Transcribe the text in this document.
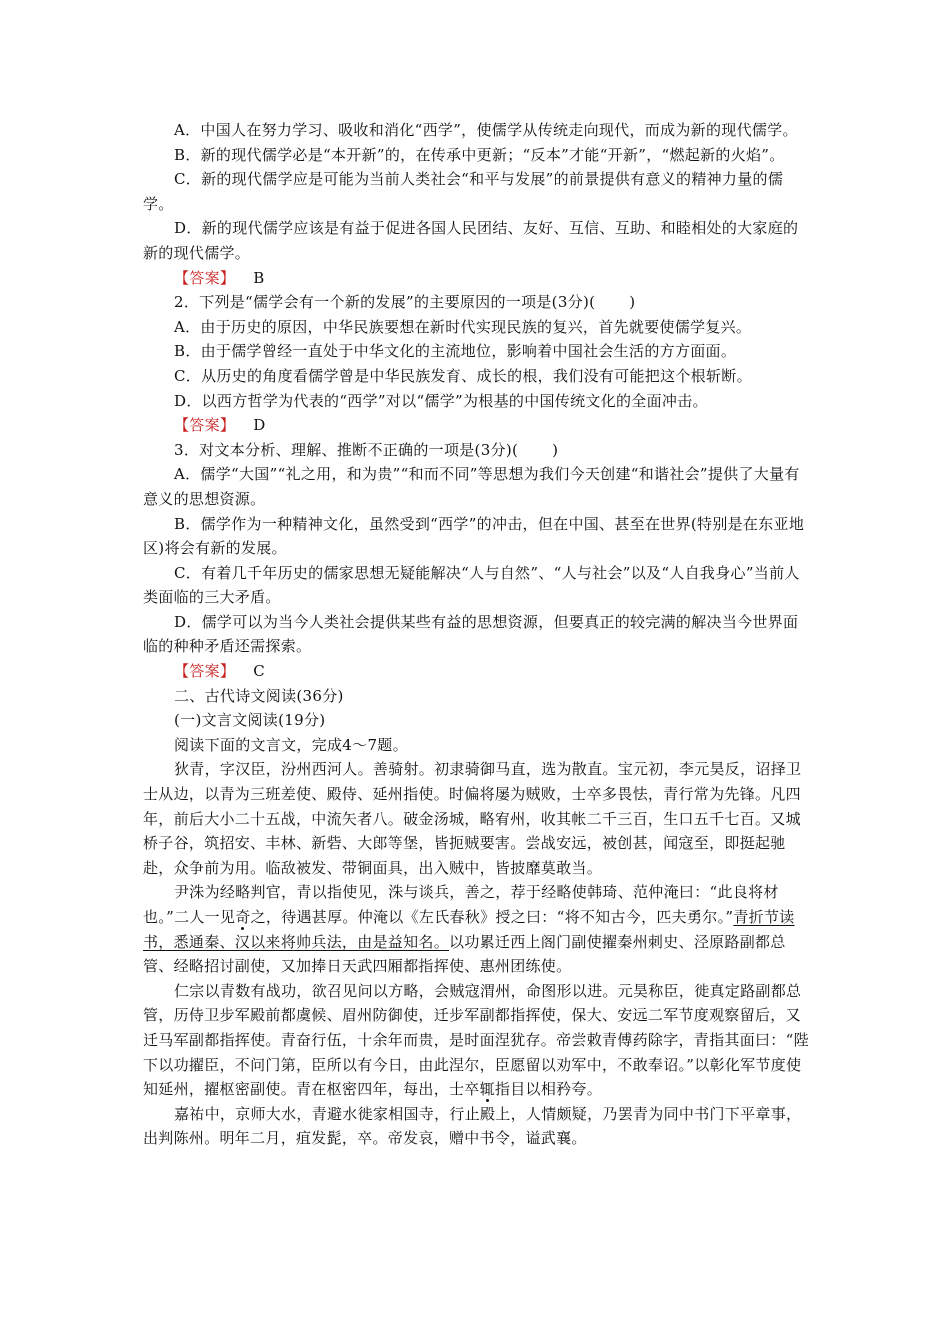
A．中国人在努力学习、吸收和消化“西学”，使儒学从传统走向现代，而成为新的现代儒学。

B．新的现代儒学必是“本开新”的，在传承中更新；“反本”才能“开新”，“燃起新的火焰”。

C．新的现代儒学应是可能为当前人类社会“和平与发展”的前景提供有意义的精神力量的儒学。

D．新的现代儒学应该是有益于促进各国人民团结、友好、互信、互助、和睦相处的大家庭的新的现代儒学。

【答案】 B

2．下列是“儒学会有一个新的发展”的主要原因的一项是(3分)( )

A．由于历史的原因，中华民族要想在新时代实现民族的复兴，首先就要使儒学复兴。

B．由于儒学曾经一直处于中华文化的主流地位，影响着中国社会生活的方方面面。

C．从历史的角度看儒学曾是中华民族发育、成长的根，我们没有可能把这个根斩断。

D．以西方哲学为代表的“西学”对以“儒学”为根基的中国传统文化的全面冲击。

【答案】 D

3．对文本分析、理解、推断不正确的一项是(3分)( )

A．儒学“大国”“礼之用，和为贵”“和而不同”等思想为我们今天创建“和谐社会”提供了大量有意义的思想资源。

B．儒学作为一种精神文化，虽然受到“西学”的冲击，但在中国、甚至在世界(特别是在东亚地区)将会有新的发展。

C．有着几千年历史的儒家思想无疑能解决“人与自然”、“人与社会”以及“人自我身心”当前人类面临的三大矛盾。

D．儒学可以为当今人类社会提供某些有益的思想资源，但要真正的较完满的解决当今世界面临的种种矛盾还需探索。

【答案】 C

二、古代诗文阅读(36分)

(一)文言文阅读(19分)

阅读下面的文言文，完成4～7题。

狄青，字汉臣，汾州西河人。善骑射。初隶骑御马直，选为散直。宝元初，李元昊反，诏择卫士从边，以青为三班差使、殿侍、延州指使。时偏将屡为贼败，士卒多畏怯，青行常为先锋。凡四年，前后大小二十五战，中流矢者八。破金汤城，略宥州，收其帐二千三百，生口五千七百。又城桥子谷，筑招安、丰林、新砦、大郎等堡，皆扼贼要害。尝战安远，被创甚，闻寇至，即挺起驰赴，众争前为用。临敌被发、带铜面具，出入贼中，皆披靡莫敢当。

尹洙为经略判官，青以指使见，洙与谈兵，善之，荐于经略使韩琦、范仲淹曰：“此良将材也。”二人一见奇之，待遇甚厚。仲淹以《左氏春秋》授之曰：“将不知古今，匹夫勇尔。”青折节读书，悉通秦、汉以来将帅兵法，由是益知名。以功累迁西上阁门副使擢秦州刺史、泾原路副都总管、经略招讨副使，又加捧日天武四厢都指挥使、惠州团练使。

仁宗以青数有战功，欲召见问以方略，会贼寇渭州，命图形以进。元昊称臣，徙真定路副都总管，历侍卫步军殿前都虞候、眉州防御使，迁步军副都指挥使，保大、安远二军节度观察留后，又迁马军副都指挥使。青奋行伍，十余年而贵，是时面涅犹存。帝尝敕青傅药除字，青指其面曰：“陛下以功擢臣，不问门第，臣所以有今日，由此涅尔，臣愿留以劝军中，不敢奉诏。”以彰化军节度使知延州，擢枢密副使。青在枢密四年，每出，士卒辄指目以相矜夸。

嘉祐中，京师大水，青避水徙家相国寺，行止殿上，人情颇疑，乃罢青为同中书门下平章事，出判陈州。明年二月，疽发髭，卒。帝发哀，赠中书令，谥武襄。
